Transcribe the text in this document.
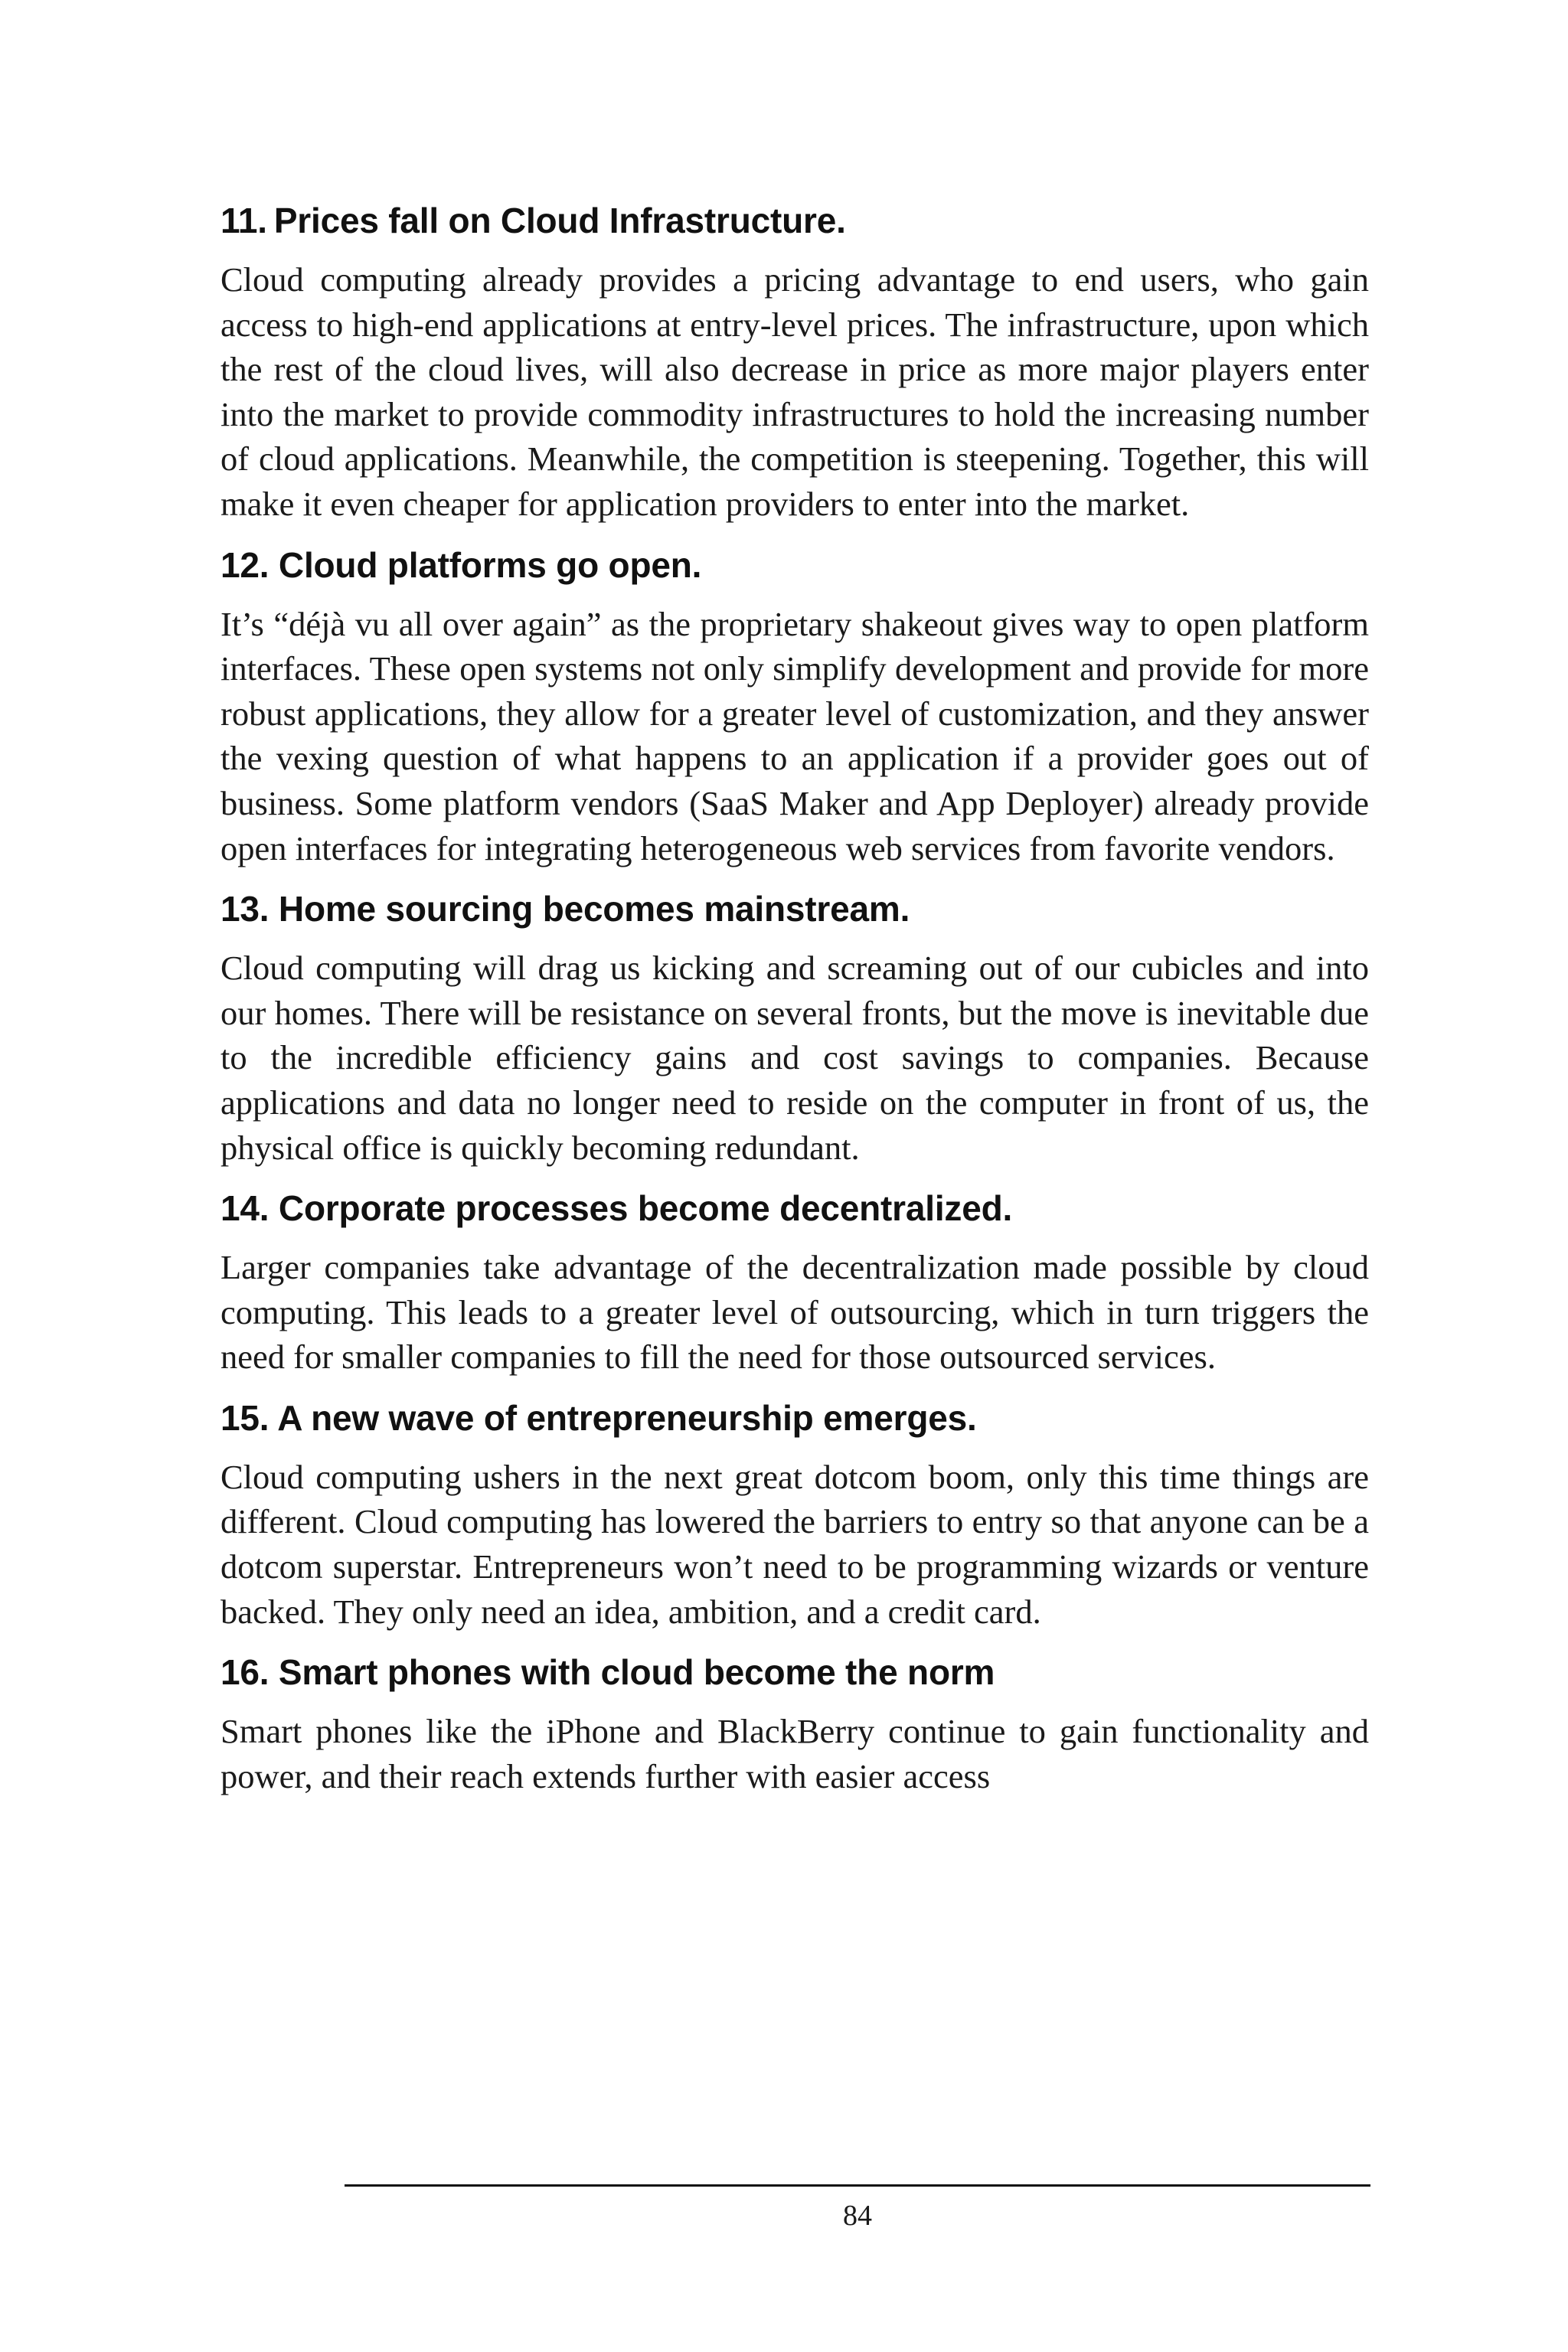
11. Prices fall on Cloud Infrastructure.

Cloud computing already provides a pricing advantage to end users, who gain access to high-end applications at entry-level prices. The infrastructure, upon which the rest of the cloud lives, will also decrease in price as more major players enter into the market to provide commodity infrastructures to hold the increasing number of cloud applications. Meanwhile, the competition is steepening. Together, this will make it even cheaper for application providers to enter into the market.

12. Cloud platforms go open.

It’s “déjà vu all over again” as the proprietary shakeout gives way to open platform interfaces. These open systems not only simplify development and provide for more robust applications, they allow for a greater level of customization, and they answer the vexing question of what happens to an application if a provider goes out of business. Some platform vendors (SaaS Maker and App Deployer) already provide open interfaces for integrating heterogeneous web services from favorite vendors.

13. Home sourcing becomes mainstream.

Cloud computing will drag us kicking and screaming out of our cubicles and into our homes. There will be resistance on several fronts, but the move is inevitable due to the incredible efficiency gains and cost savings to companies. Because applications and data no longer need to reside on the computer in front of us, the physical office is quickly becoming redundant.

14. Corporate processes become decentralized.

Larger companies take advantage of the decentralization made possible by cloud computing. This leads to a greater level of outsourcing, which in turn triggers the need for smaller companies to fill the need for those outsourced services.

15. A new wave of entrepreneurship emerges.

Cloud computing ushers in the next great dotcom boom, only this time things are different. Cloud computing has lowered the barriers to entry so that anyone can be a dotcom superstar. Entrepreneurs won’t need to be programming wizards or venture backed. They only need an idea, ambition, and a credit card.

16. Smart phones with cloud become the norm

Smart phones like the iPhone and BlackBerry continue to gain functionality and power, and their reach extends further with easier access

84
